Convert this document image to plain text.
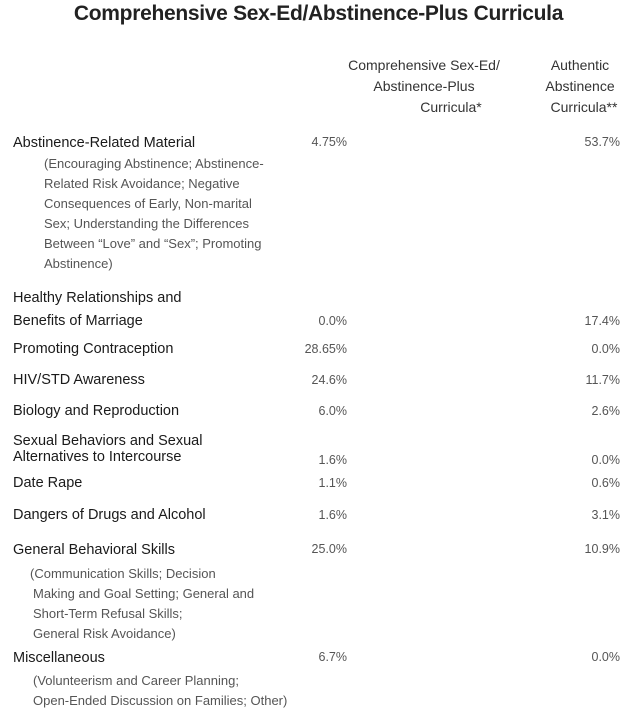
Comprehensive Sex-Ed/Abstinence-Plus Curricula
Comprehensive Sex-Ed/
Abstinence-Plus
Curricula*
Authentic
Abstinence
Curricula**
Abstinence-Related Material	4.75%	53.7%
(Encouraging Abstinence; Abstinence-
Related Risk Avoidance; Negative
Consequences of Early, Non-marital
Sex; Understanding the Differences
Between “Love” and “Sex”; Promoting
Abstinence)
Healthy Relationships and
Benefits of Marriage	0.0%	17.4%
Promoting Contraception	28.65%	0.0%
HIV/STD Awareness	24.6%	11.7%
Biology and Reproduction	6.0%	2.6%
Sexual Behaviors and Sexual
Alternatives to Intercourse	1.6%	0.0%
Date Rape	1.1%	0.6%
Dangers of Drugs and Alcohol	1.6%	3.1%
General Behavioral Skills	25.0%	10.9%
(Communication Skills; Decision
Making and Goal Setting; General and
Short-Term Refusal Skills;
General Risk Avoidance)
Miscellaneous	6.7%	0.0%
(Volunteerism and Career Planning;
Open-Ended Discussion on Families; Other)
